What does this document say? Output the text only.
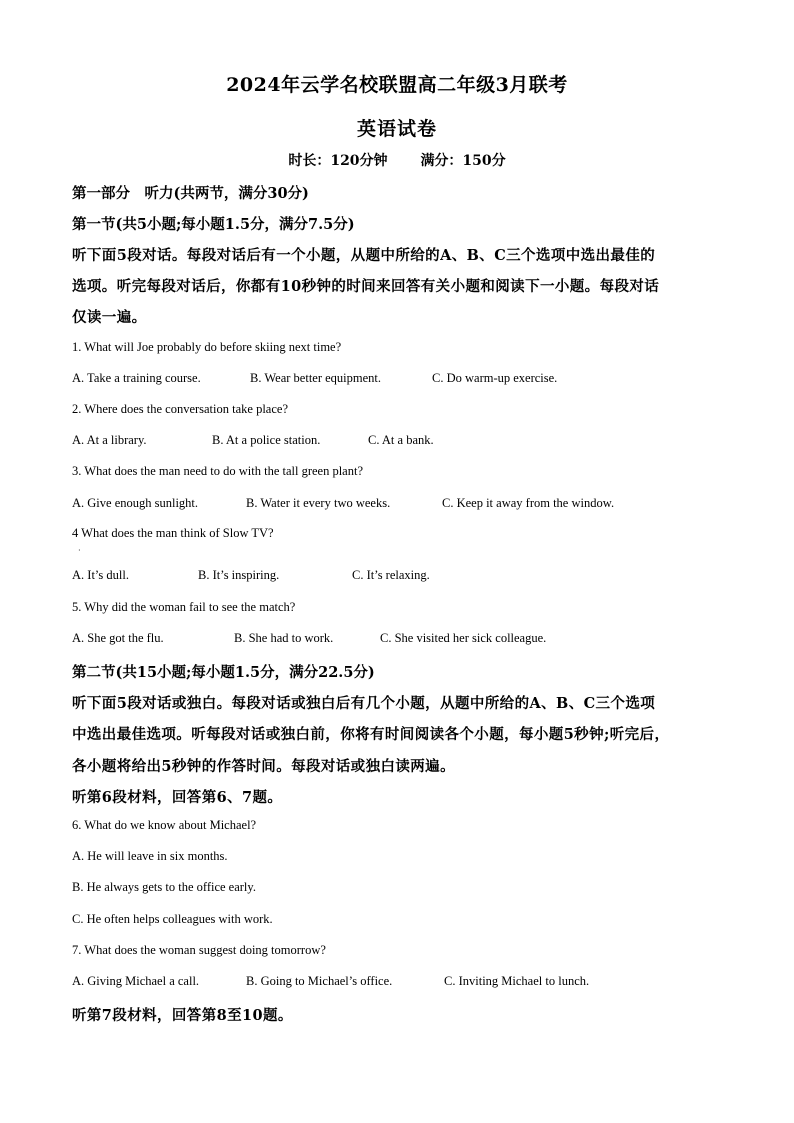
2024年云学名校联盟高二年级3月联考
英语试卷
时长：120分钟 满分：150分
第一部分　听力(共两节，满分30分)
第一节(共5小题;每小题1.5分，满分7.5分)
听下面5段对话。每段对话后有一个小题，从题中所给的A、B、C三个选项中选出最佳的
选项。听完每段对话后，你都有10秒钟的时间来回答有关小题和阅读下一小题。每段对话
仅读一遍。
1. What will Joe probably do before skiing next time?
A. Take a training course.	B. Wear better equipment.	C. Do warm-up exercise.
2. Where does the conversation take place?
A. At a library.	B. At a police station.	C. At a bank.
3. What does the man need to do with the tall green plant?
A. Give enough sunlight.	B. Water it every two weeks.	C. Keep it away from the window.
4 What does the man think of Slow TV?
·
A. It’s dull.	B. It’s inspiring.	C. It’s relaxing.
5. Why did the woman fail to see the match?
A. She got the flu.	B. She had to work.	C. She visited her sick colleague.
第二节(共15小题;每小题1.5分，满分22.5分)
听下面5段对话或独白。每段对话或独白后有几个小题，从题中所给的A、B、C三个选项
中选出最佳选项。听每段对话或独白前，你将有时间阅读各个小题，每小题5秒钟;听完后，
各小题将给出5秒钟的作答时间。每段对话或独白读两遍。
听第6段材料，回答第6、7题。
6. What do we know about Michael?
A. He will leave in six months.
B. He always gets to the office early.
C. He often helps colleagues with work.
7. What does the woman suggest doing tomorrow?
A. Giving Michael a call.	B. Going to Michael’s office.	C. Inviting Michael to lunch.
听第7段材料，回答第8至10题。
